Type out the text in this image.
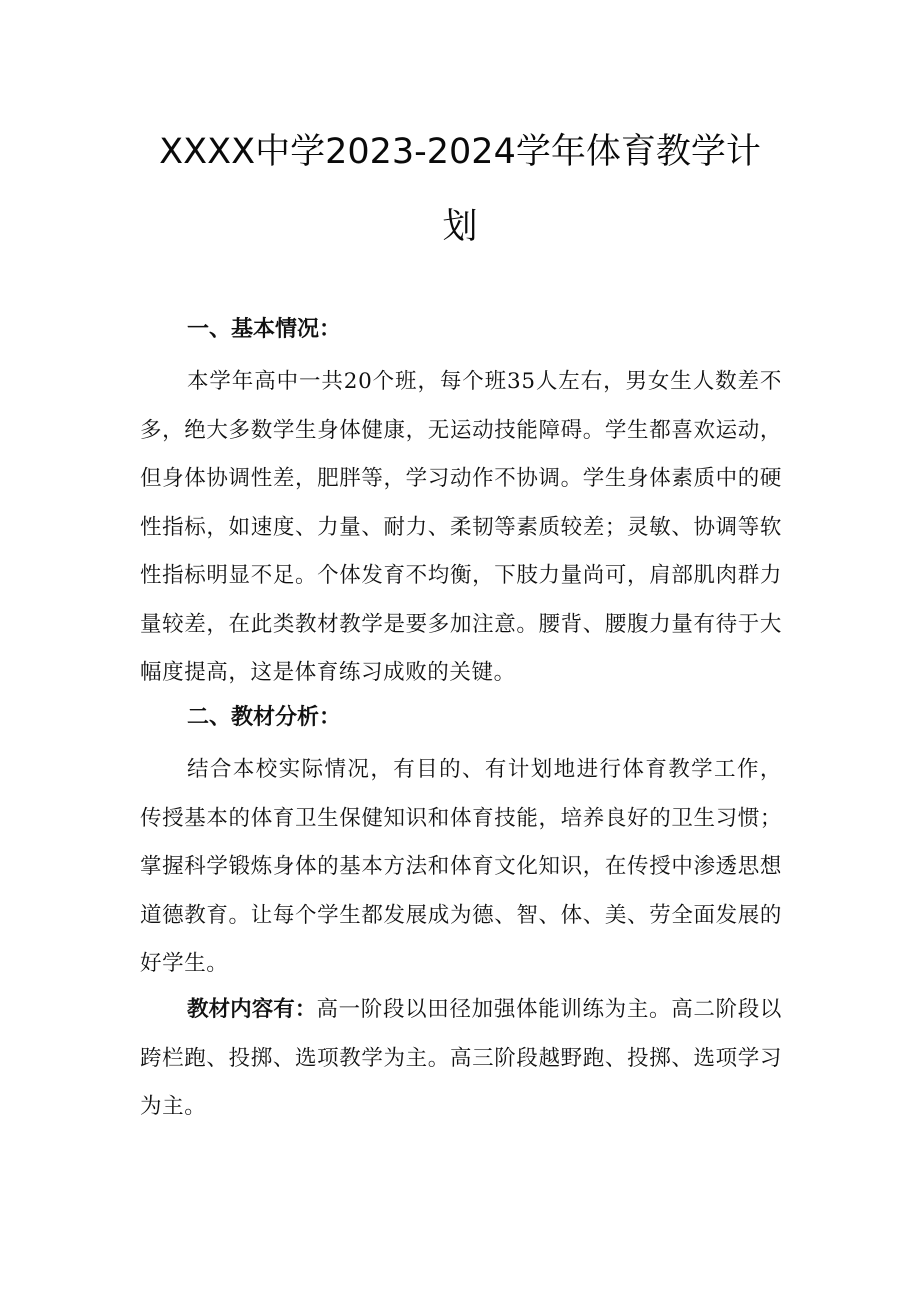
XXXX中学2023-2024学年体育教学计
划
一、基本情况：

本学年高中一共20个班，每个班35人左右，男女生人数差不多，绝大多数学生身体健康，无运动技能障碍。学生都喜欢运动，但身体协调性差，肥胖等，学习动作不协调。学生身体素质中的硬性指标，如速度、力量、耐力、柔韧等素质较差；灵敏、协调等软性指标明显不足。个体发育不均衡，下肢力量尚可，肩部肌肉群力量较差，在此类教材教学是要多加注意。腰背、腰腹力量有待于大幅度提高，这是体育练习成败的关键。

二、教材分析：

结合本校实际情况，有目的、有计划地进行体育教学工作，传授基本的体育卫生保健知识和体育技能，培养良好的卫生习惯；掌握科学锻炼身体的基本方法和体育文化知识，在传授中渗透思想道德教育。让每个学生都发展成为德、智、体、美、劳全面发展的好学生。

教材内容有：高一阶段以田径加强体能训练为主。高二阶段以跨栏跑、投掷、选项教学为主。高三阶段越野跑、投掷、选项学习为主。
